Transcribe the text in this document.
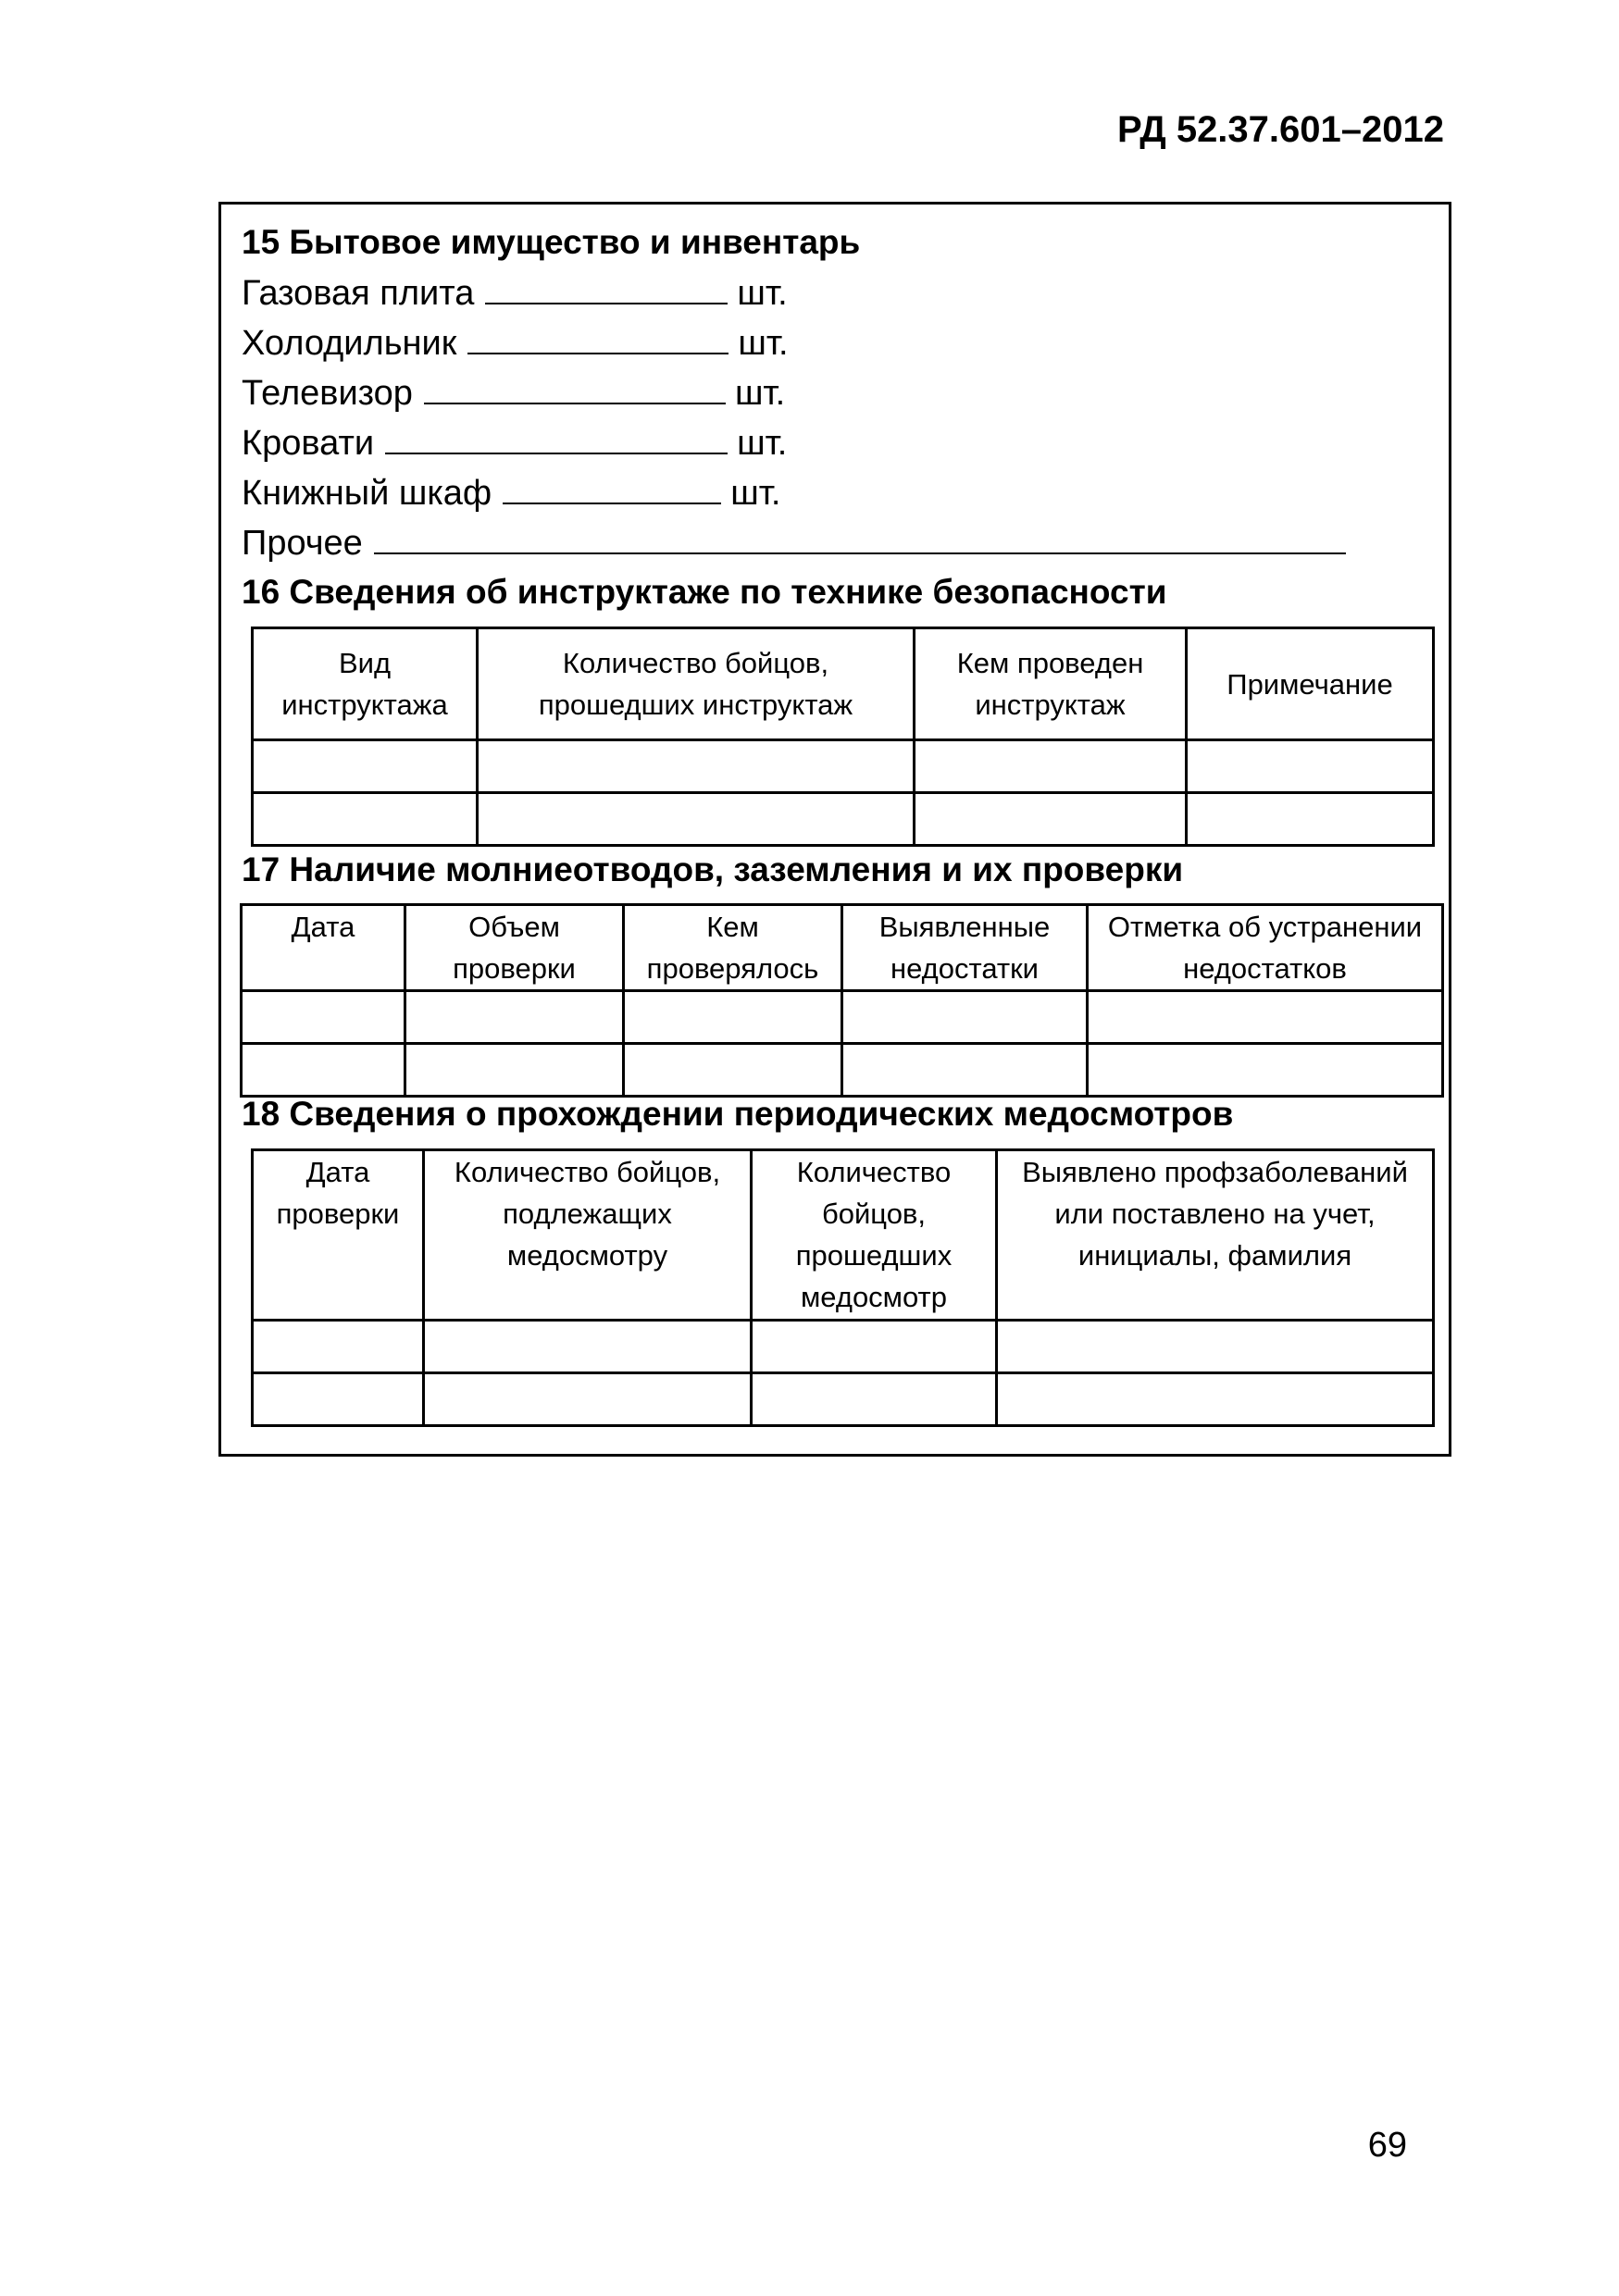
РД 52.37.601–2012
15 Бытовое имущество и инвентарь
Газовая плита	шт.
Холодильник	шт.
Телевизор	шт.
Кровати	шт.
Книжный шкаф	шт.
Прочее
16 Сведения об инструктаже по технике безопасности
Вид инструктажа	Количество бойцов, прошедших инструктаж	Кем проведен инструктаж	Примечание

17 Наличие молниеотводов, заземления и их проверки
Дата	Объем проверки	Кем проверялось	Выявленные недостатки	Отметка об устранении недостатков

18 Сведения о прохождении периодических медосмотров
Дата проверки	Количество бойцов, подлежащих медосмотру	Количество бойцов, прошедших медосмотр	Выявлено профзаболеваний или поставлено на учет, инициалы, фамилия

69
